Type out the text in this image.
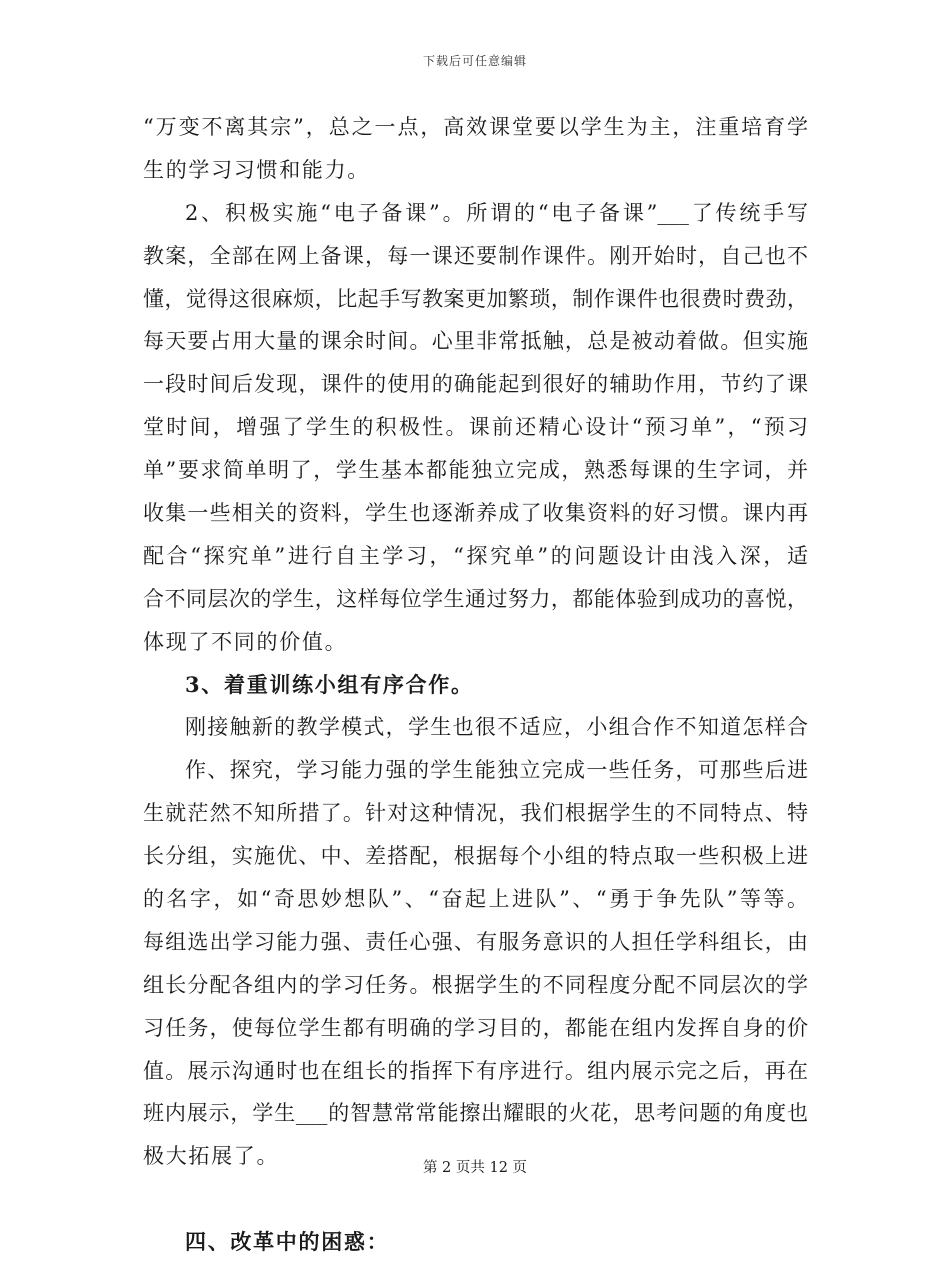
下载后可任意编辑
“万变不离其宗”，总之一点，高效课堂要以学生为主，注重培育学
生的学习习惯和能力。
2、积极实施“电子备课”。所谓的“电子备课”___了传统手写
教案，全部在网上备课，每一课还要制作课件。刚开始时，自己也不
懂，觉得这很麻烦，比起手写教案更加繁琐，制作课件也很费时费劲，
每天要占用大量的课余时间。心里非常抵触，总是被动着做。但实施
一段时间后发现，课件的使用的确能起到很好的辅助作用，节约了课
堂时间，增强了学生的积极性。课前还精心设计“预习单”，“预习
单”要求简单明了，学生基本都能独立完成，熟悉每课的生字词，并
收集一些相关的资料，学生也逐渐养成了收集资料的好习惯。课内再
配合“探究单”进行自主学习，“探究单”的问题设计由浅入深，适
合不同层次的学生，这样每位学生通过努力，都能体验到成功的喜悦，
体现了不同的价值。
3、着重训练小组有序合作。
刚接触新的教学模式，学生也很不适应，小组合作不知道怎样合
作、探究，学习能力强的学生能独立完成一些任务，可那些后进
生就茫然不知所措了。针对这种情况，我们根据学生的不同特点、特
长分组，实施优、中、差搭配，根据每个小组的特点取一些积极上进
的名字，如“奇思妙想队”、“奋起上进队”、“勇于争先队”等等。
每组选出学习能力强、责任心强、有服务意识的人担任学科组长，由
组长分配各组内的学习任务。根据学生的不同程度分配不同层次的学
习任务，使每位学生都有明确的学习目的，都能在组内发挥自身的价
值。展示沟通时也在组长的指挥下有序进行。组内展示完之后，再在
班内展示，学生___的智慧常常能擦出耀眼的火花，思考问题的角度也
极大拓展了。
四、改革中的困惑：
第 2 页共 12 页
